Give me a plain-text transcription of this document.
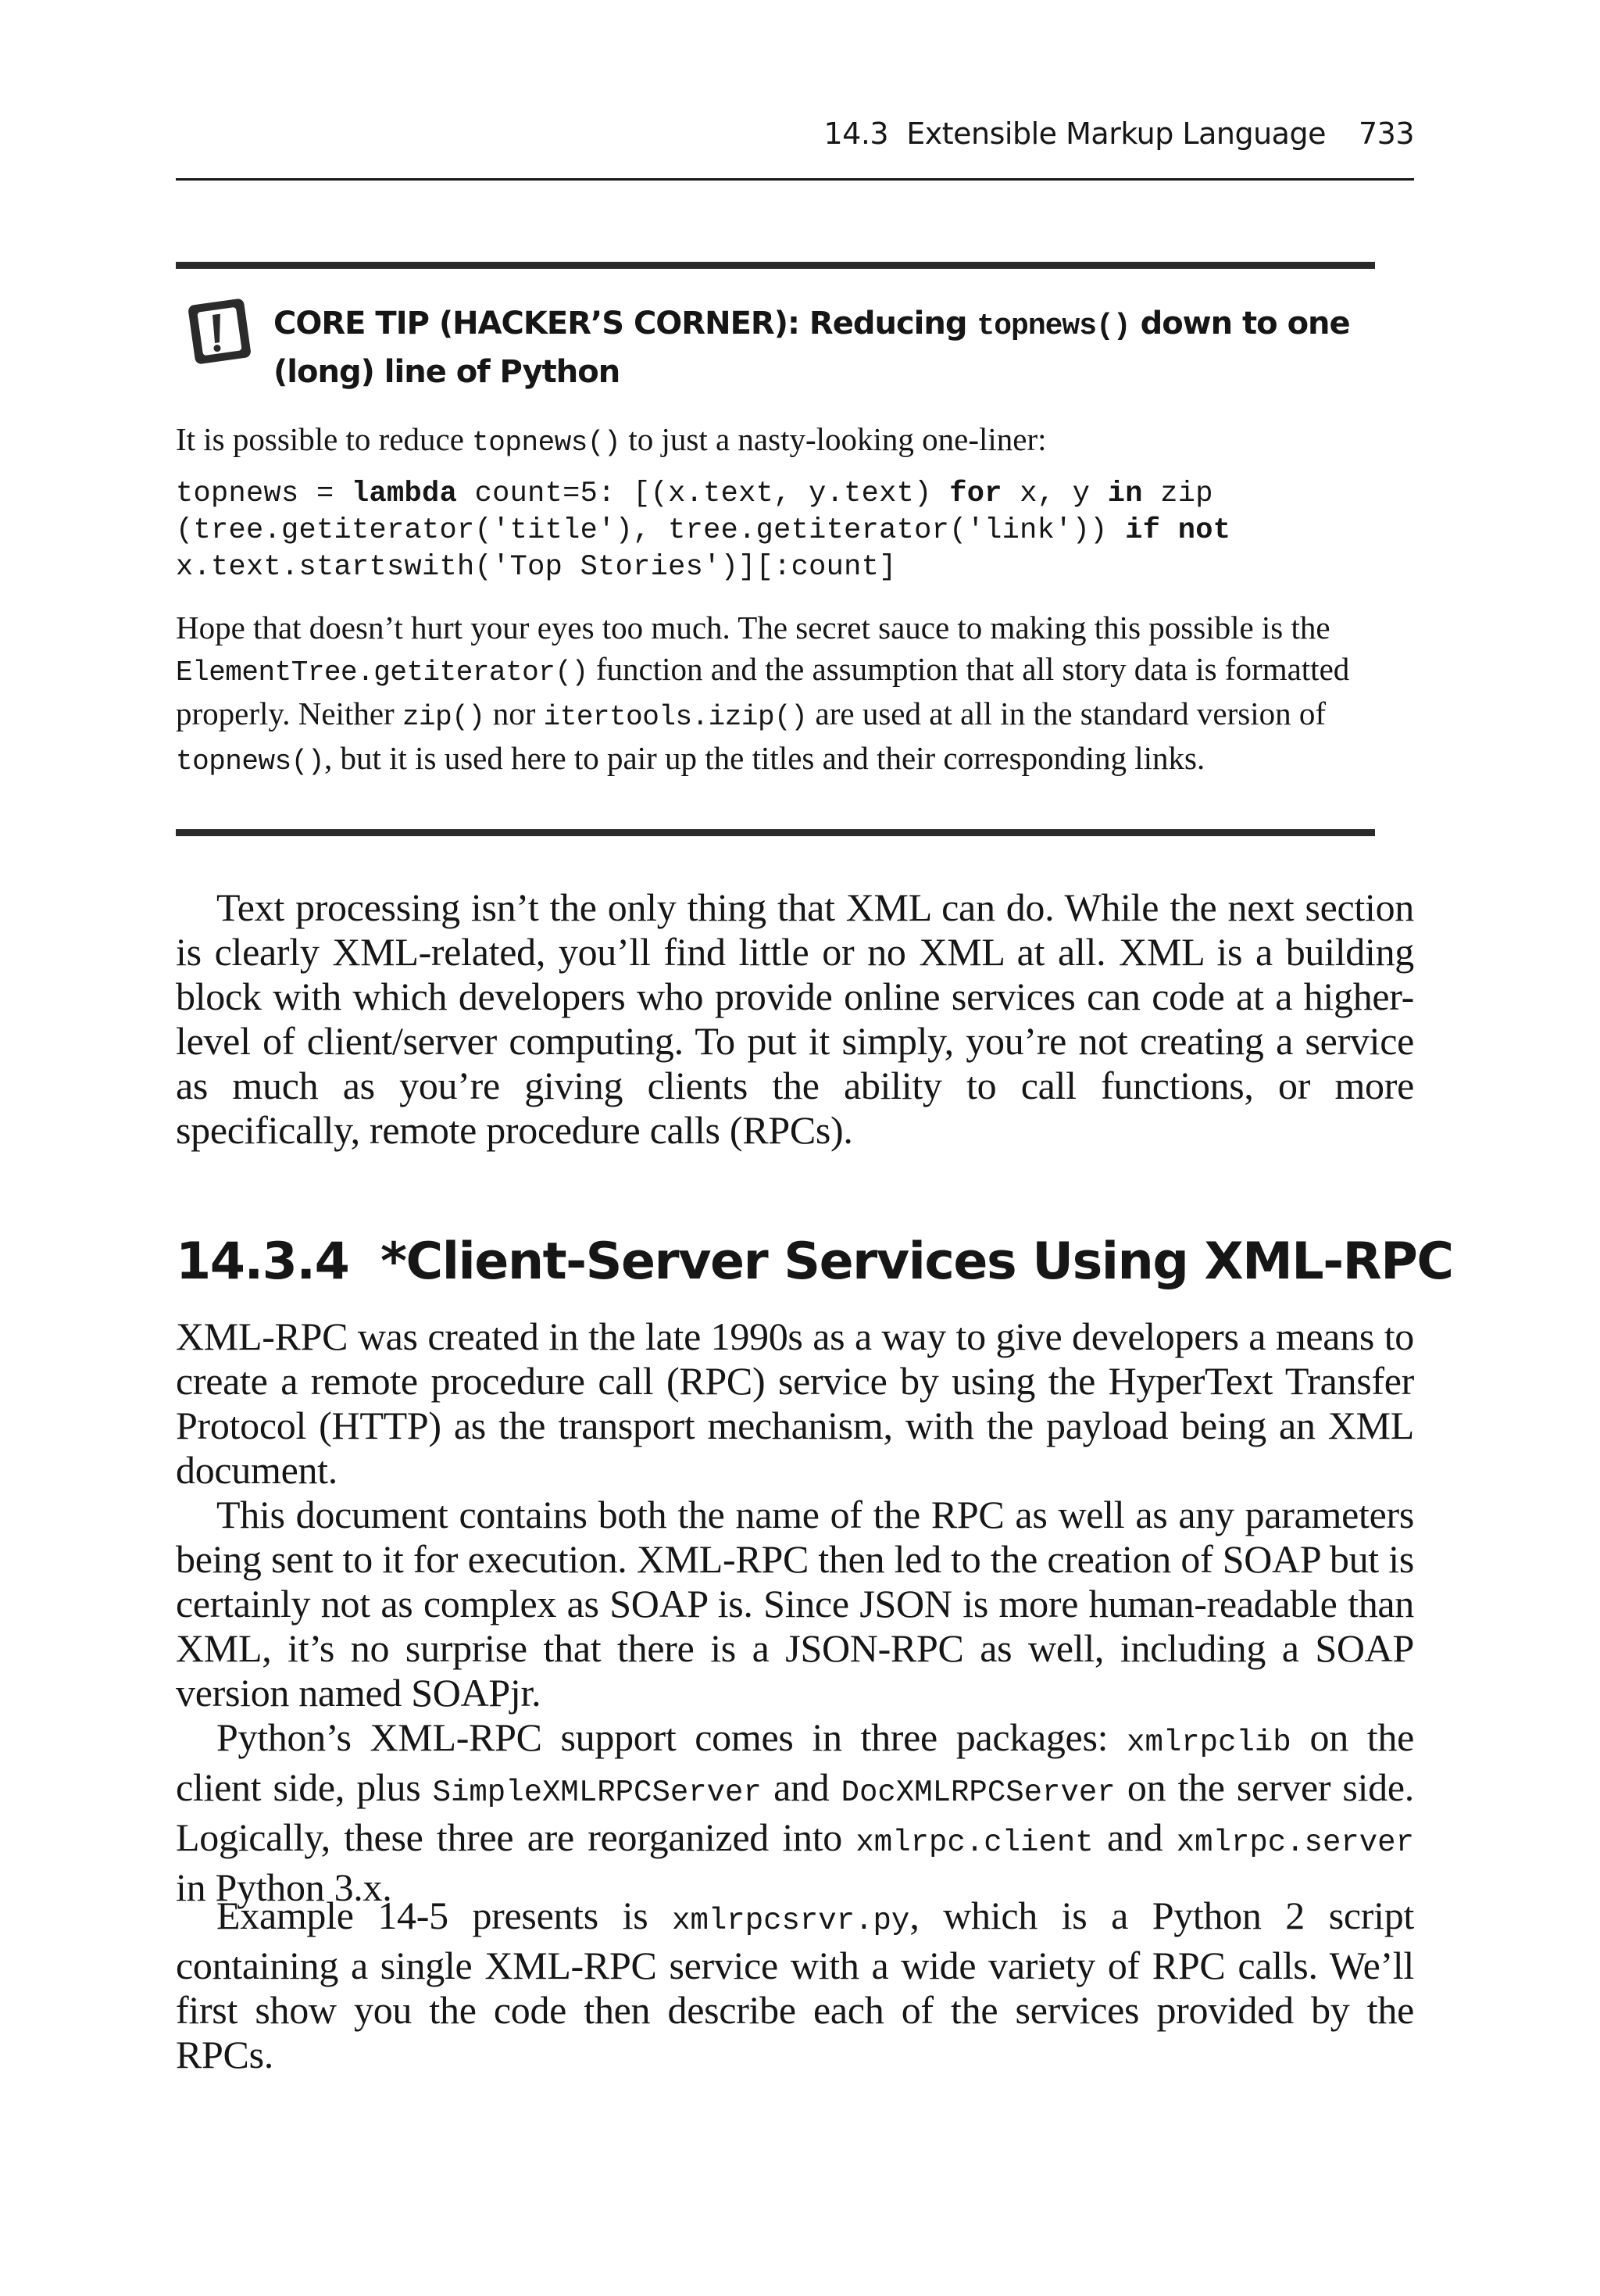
14.3  Extensible Markup Language 733
CORE TIP (HACKER’S CORNER): Reducing topnews() down to one
(long) line of Python
It is possible to reduce topnews() to just a nasty-looking one-liner:
topnews = lambda count=5: [(x.text, y.text) for x, y in zip
(tree.getiterator('title'), tree.getiterator('link')) if not
x.text.startswith('Top Stories')][:count]
Hope that doesn’t hurt your eyes too much. The secret sauce to making this possible is the ElementTree.getiterator() function and the assumption that all story data is formatted properly. Neither zip() nor itertools.izip() are used at all in the standard version of topnews(), but it is used here to pair up the titles and their corresponding links.
Text processing isn’t the only thing that XML can do. While the next section is clearly XML-related, you’ll find little or no XML at all. XML is a building block with which developers who provide online services can code at a higher-level of client/server computing. To put it simply, you’re not creating a service as much as you’re giving clients the ability to call functions, or more specifically, remote procedure calls (RPCs).
14.3.4 *Client-Server Services Using XML-RPC
XML-RPC was created in the late 1990s as a way to give developers a means to create a remote procedure call (RPC) service by using the HyperText Transfer Protocol (HTTP) as the transport mechanism, with the payload being an XML document.
This document contains both the name of the RPC as well as any parameters being sent to it for execution. XML-RPC then led to the creation of SOAP but is certainly not as complex as SOAP is. Since JSON is more human-readable than XML, it’s no surprise that there is a JSON-RPC as well, including a SOAP version named SOAPjr.
Python’s XML-RPC support comes in three packages: xmlrpclib on the client side, plus SimpleXMLRPCServer and DocXMLRPCServer on the server side. Logically, these three are reorganized into xmlrpc.client and xmlrpc.server in Python 3.x.
Example 14-5 presents is xmlrpcsrvr.py, which is a Python 2 script containing a single XML-RPC service with a wide variety of RPC calls. We’ll first show you the code then describe each of the services provided by the RPCs.
